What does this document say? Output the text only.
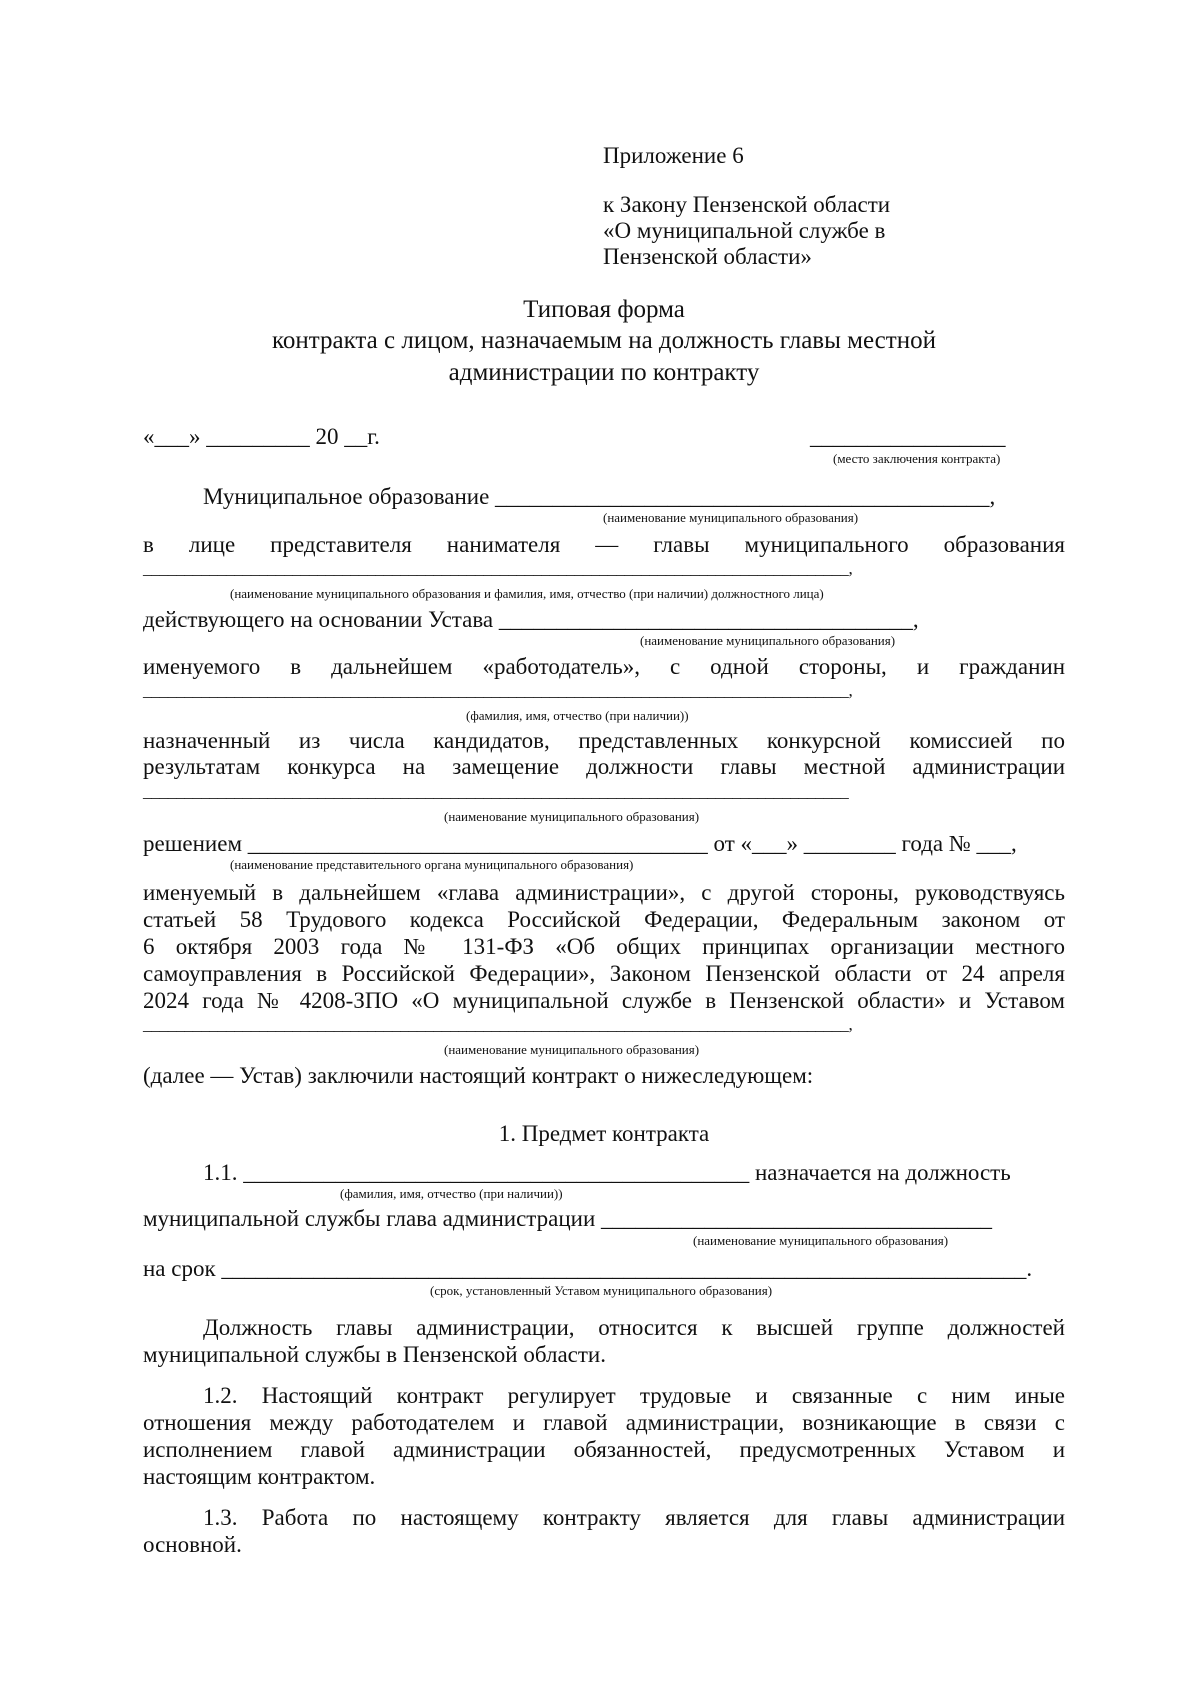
Приложение 6
к Закону Пензенской области
«О муниципальной службе в
Пензенской области»
Типовая форма
контракта с лицом, назначаемым на должность главы местной
администрации по контракту
«___» _________ 20 __г.	_________________
(место заключения контракта)
Муниципальное образование ___________________________________________,
(наименование муниципального образования)
в лице представителя нанимателя — главы муниципального образования
_____________________________________________________________________________________,
(наименование муниципального образования и фамилия, имя, отчество (при наличии) должностного лица)
действующего на основании Устава ____________________________________,
(наименование муниципального образования)
именуемого в дальнейшем «работодатель», с одной стороны, и гражданин
_____________________________________________________________________________________,
(фамилия, имя, отчество (при наличии))
назначенный из числа кандидатов, представленных конкурсной комиссией по
результатам конкурса на замещение должности главы местной администрации
_____________________________________________________________________________________
(наименование муниципального образования)
решением ________________________________________ от «___» ________ года № ___,
(наименование представительного органа муниципального образования)
именуемый в дальнейшем «глава администрации», с другой стороны, руководствуясь
статьей 58 Трудового кодекса Российской Федерации, Федеральным законом от
6 октября 2003 года № 131-ФЗ «Об общих принципах организации местного
самоуправления в Российской Федерации», Законом Пензенской области от 24 апреля
2024 года № 4208-ЗПО «О муниципальной службе в Пензенской области» и Уставом
_____________________________________________________________________________________,
(наименование муниципального образования)
(далее — Устав) заключили настоящий контракт о нижеследующем:
1. Предмет контракта
1.1. ____________________________________________ назначается на должность
(фамилия, имя, отчество (при наличии))
муниципальной службы глава администрации __________________________________
(наименование муниципального образования)
на срок ______________________________________________________________________.
(срок, установленный Уставом муниципального образования)
Должность главы администрации, относится к высшей группе должностей
муниципальной службы в Пензенской области.
1.2. Настоящий контракт регулирует трудовые и связанные с ним иные
отношения между работодателем и главой администрации, возникающие в связи с
исполнением главой администрации обязанностей, предусмотренных Уставом и
настоящим контрактом.
1.3. Работа по настоящему контракту является для главы администрации
основной.
